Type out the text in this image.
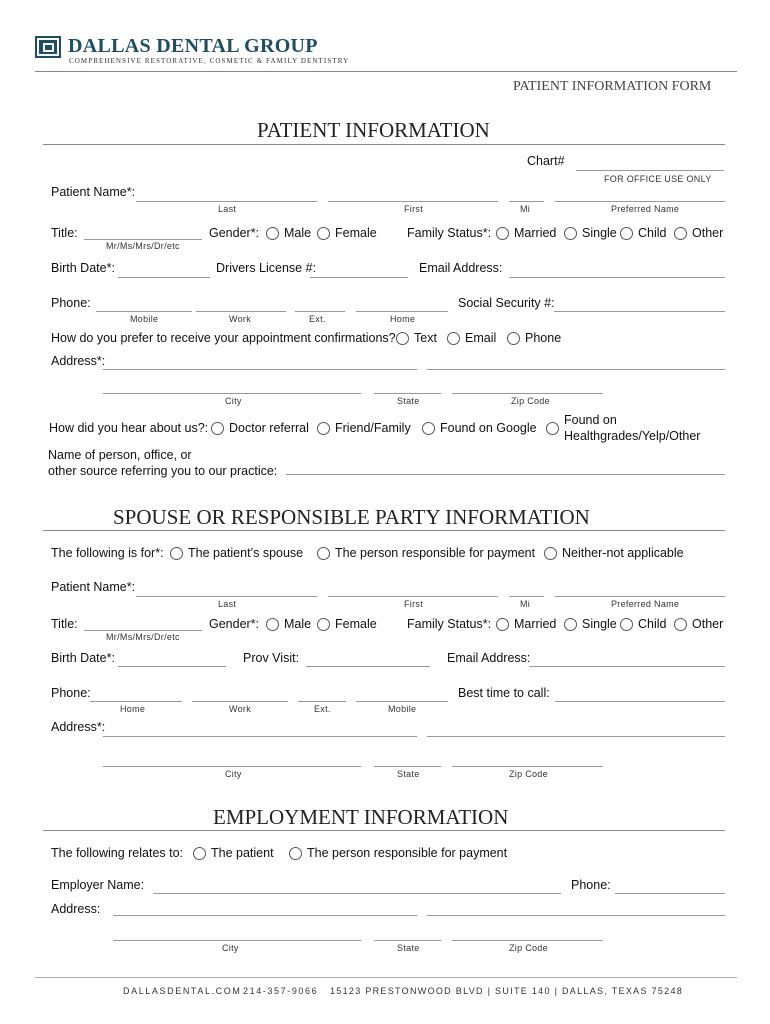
DALLAS DENTAL GROUP
COMPREHENSIVE RESTORATIVE, COSMETIC & FAMILY DENTISTRY
PATIENT INFORMATION FORM
PATIENT INFORMATION
Chart#
FOR OFFICE USE ONLY
Patient Name*:
Last	First	Mi	Preferred Name
Title:
Mr/Ms/Mrs/Dr/etc
Gender*: Male Female Family Status*: Married Single Child Other
Birth Date*:	Drivers License #:	Email Address:
Phone:
Mobile	Work	Ext.	Home
Social Security #:
How do you prefer to receive your appointment confirmations? Text Email Phone
Address*:
City	State	Zip Code
How did you hear about us?: Doctor referral Friend/Family Found on Google
Found on
Healthgrades/Yelp/Other
Name of person, office, or
other source referring you to our practice:
SPOUSE OR RESPONSIBLE PARTY INFORMATION
The following is for*: The patient’s spouse	The person responsible for payment Neither-not applicable
Patient Name*:
Last	First	Mi	Preferred Name
Title:
Mr/Ms/Mrs/Dr/etc
Gender*: Male Female Family Status*: Married Single Child Other
Birth Date*:	Prov Visit:	Email Address:
Phone:
Home	Work	Ext.	Mobile
Best time to call:
Address*:
City	State	Zip Code
EMPLOYMENT INFORMATION
The following relates to: The patient	The person responsible for payment
Employer Name:	Phone:
Address:
City	State	Zip Code
DALLASDENTAL.COM 214-357-9066 15123 PRESTONWOOD BLVD | SUITE 140 | DALLAS, TEXAS 75248
